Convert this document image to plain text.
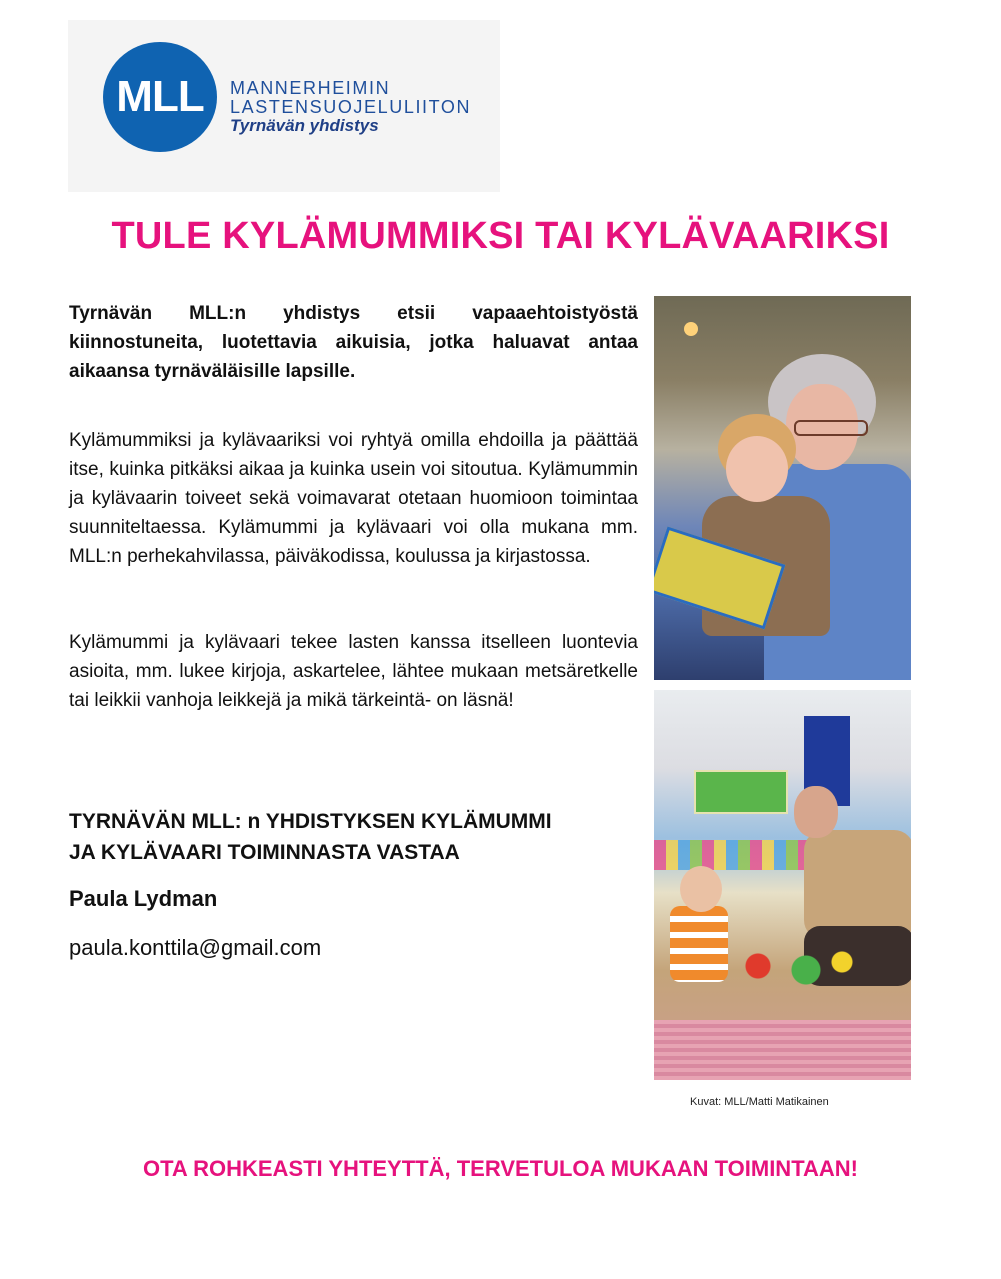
MLL MANNERHEIMIN
LASTENSUOJELULIITON
Tyrnävän yhdistys
TULE KYLÄMUMMIKSI TAI KYLÄVAARIKSI
Tyrnävän MLL:n yhdistys etsii vapaaehtoistyöstä kiinnostuneita, luotettavia aikuisia, jotka haluavat antaa aikaansa tyrnäväläisille lapsille.
Kylämummiksi ja kylävaariksi voi ryhtyä omilla ehdoilla ja päättää itse, kuinka pitkäksi aikaa ja kuinka usein voi sitoutua. Kylämummin ja kylävaarin toiveet sekä voimavarat otetaan huomioon toimintaa suunniteltaessa. Kylämummi ja kylävaari voi olla mukana mm. MLL:n perhekahvilassa, päiväkodissa, koulussa ja kirjastossa.
Kylämummi ja kylävaari tekee lasten kanssa itselleen luontevia asioita, mm. lukee kirjoja, askartelee, lähtee mukaan metsäretkelle tai leikkii vanhoja leikkejä ja mikä tärkeintä- on läsnä!
TYRNÄVÄN MLL: n YHDISTYKSEN KYLÄMUMMI
JA KYLÄVAARI TOIMINNASTA VASTAA
Paula Lydman
paula.konttila@gmail.com
Kuvat: MLL/Matti Matikainen
OTA ROHKEASTI YHTEYTTÄ, TERVETULOA MUKAAN TOIMINTAAN!
